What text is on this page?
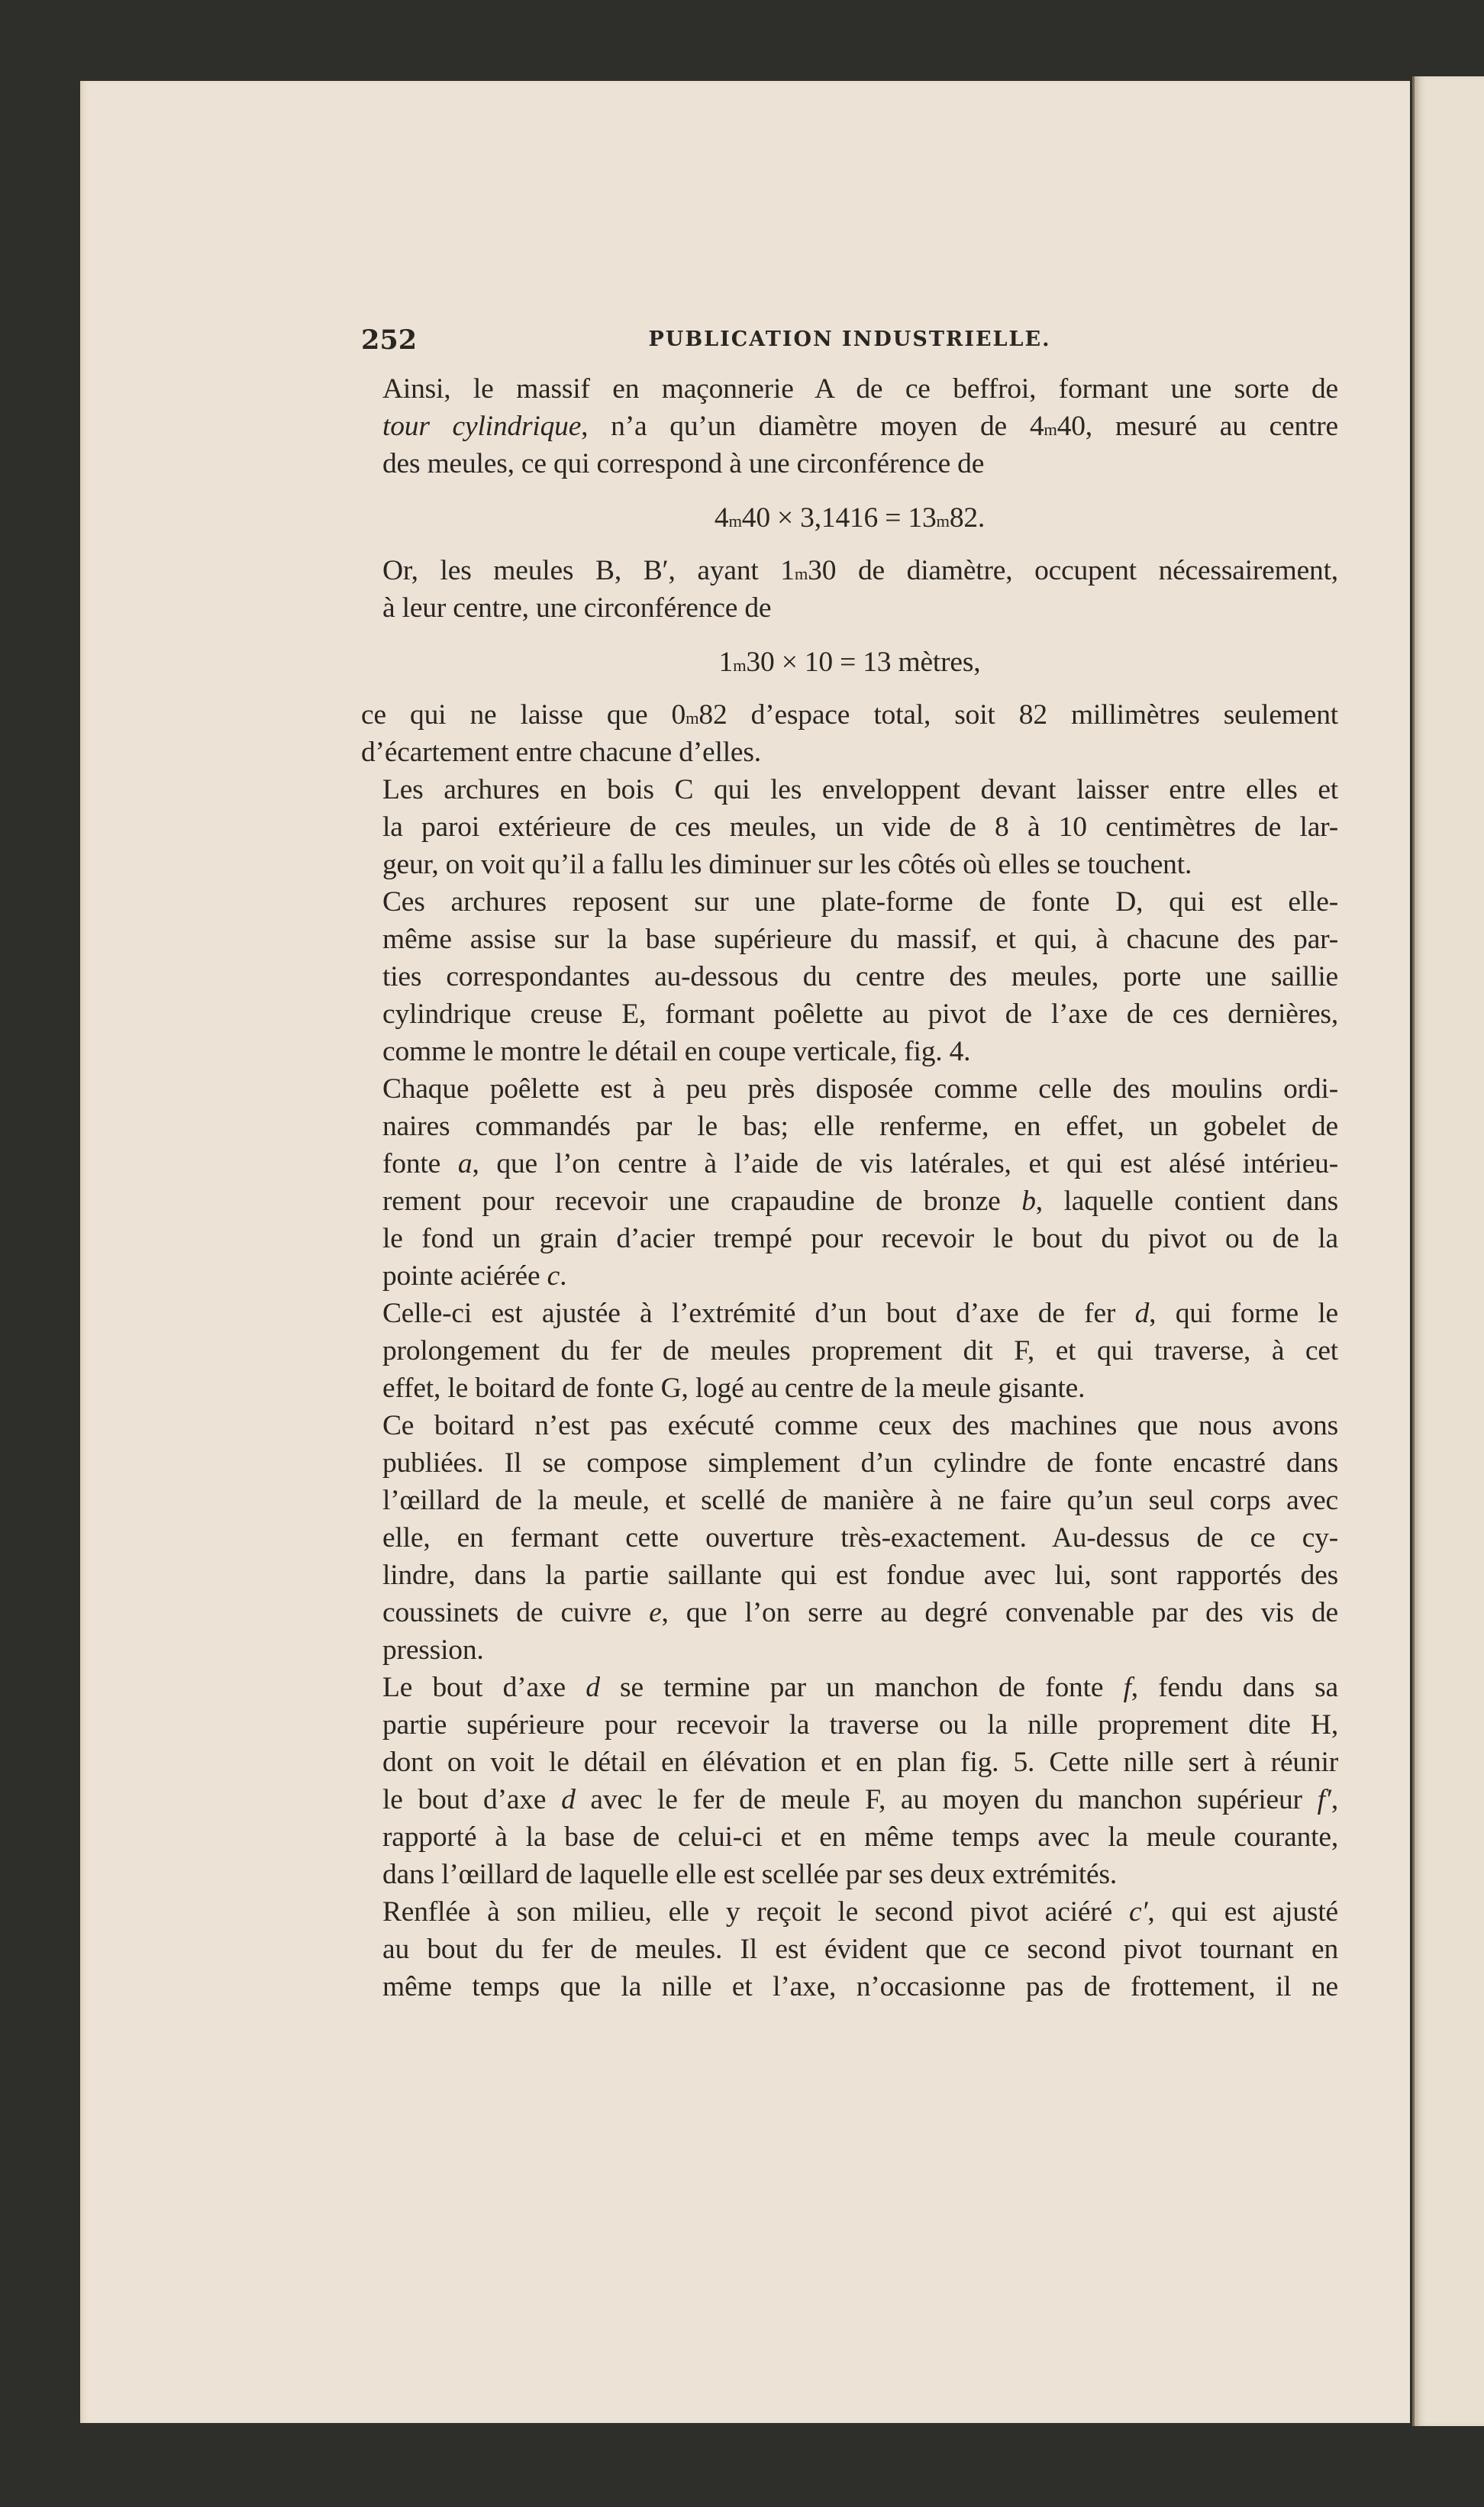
252	PUBLICATION INDUSTRIELLE.

Ainsi, le massif en maçonnerie A de ce beffroi, formant une sorte de
tour cylindrique, n’a qu’un diamètre moyen de 4$^m$40, mesuré au centre
des meules, ce qui correspond à une circonférence de

$4^m40 \times 3,1416 = 13^m82$.

Or, les meules B, B′, ayant 1$^m$30 de diamètre, occupent nécessairement,
à leur centre, une circonférence de

$1^m30 \times 10 = 13$ mètres,

ce qui ne laisse que 0$^m$82 d’espace total, soit 82 millimètres seulement
d’écartement entre chacune d’elles.

Les archures en bois C qui les enveloppent devant laisser entre elles et
la paroi extérieure de ces meules, un vide de 8 à 10 centimètres de lar-
geur, on voit qu’il a fallu les diminuer sur les côtés où elles se touchent.

Ces archures reposent sur une plate-forme de fonte D, qui est elle-
même assise sur la base supérieure du massif, et qui, à chacune des par-
ties correspondantes au-dessous du centre des meules, porte une saillie
cylindrique creuse E, formant poêlette au pivot de l’axe de ces dernières,
comme le montre le détail en coupe verticale, fig. 4.

Chaque poêlette est à peu près disposée comme celle des moulins ordi-
naires commandés par le bas; elle renferme, en effet, un gobelet de
fonte a, que l’on centre à l’aide de vis latérales, et qui est alésé intérieu-
rement pour recevoir une crapaudine de bronze b, laquelle contient dans
le fond un grain d’acier trempé pour recevoir le bout du pivot ou de la
pointe aciérée c.

Celle-ci est ajustée à l’extrémité d’un bout d’axe de fer d, qui forme le
prolongement du fer de meules proprement dit F, et qui traverse, à cet
effet, le boitard de fonte G, logé au centre de la meule gisante.

Ce boitard n’est pas exécuté comme ceux des machines que nous avons
publiées. Il se compose simplement d’un cylindre de fonte encastré dans
l’œillard de la meule, et scellé de manière à ne faire qu’un seul corps avec
elle, en fermant cette ouverture très-exactement. Au-dessus de ce cy-
lindre, dans la partie saillante qui est fondue avec lui, sont rapportés des
coussinets de cuivre e, que l’on serre au degré convenable par des vis de
pression.

Le bout d’axe d se termine par un manchon de fonte f, fendu dans sa
partie supérieure pour recevoir la traverse ou la nille proprement dite H,
dont on voit le détail en élévation et en plan fig. 5. Cette nille sert à réunir
le bout d’axe d avec le fer de meule F, au moyen du manchon supérieur f′,
rapporté à la base de celui-ci et en même temps avec la meule courante,
dans l’œillard de laquelle elle est scellée par ses deux extrémités.

Renflée à son milieu, elle y reçoit le second pivot aciéré c′, qui est ajusté
au bout du fer de meules. Il est évident que ce second pivot tournant en
même temps que la nille et l’axe, n’occasionne pas de frottement, il ne
